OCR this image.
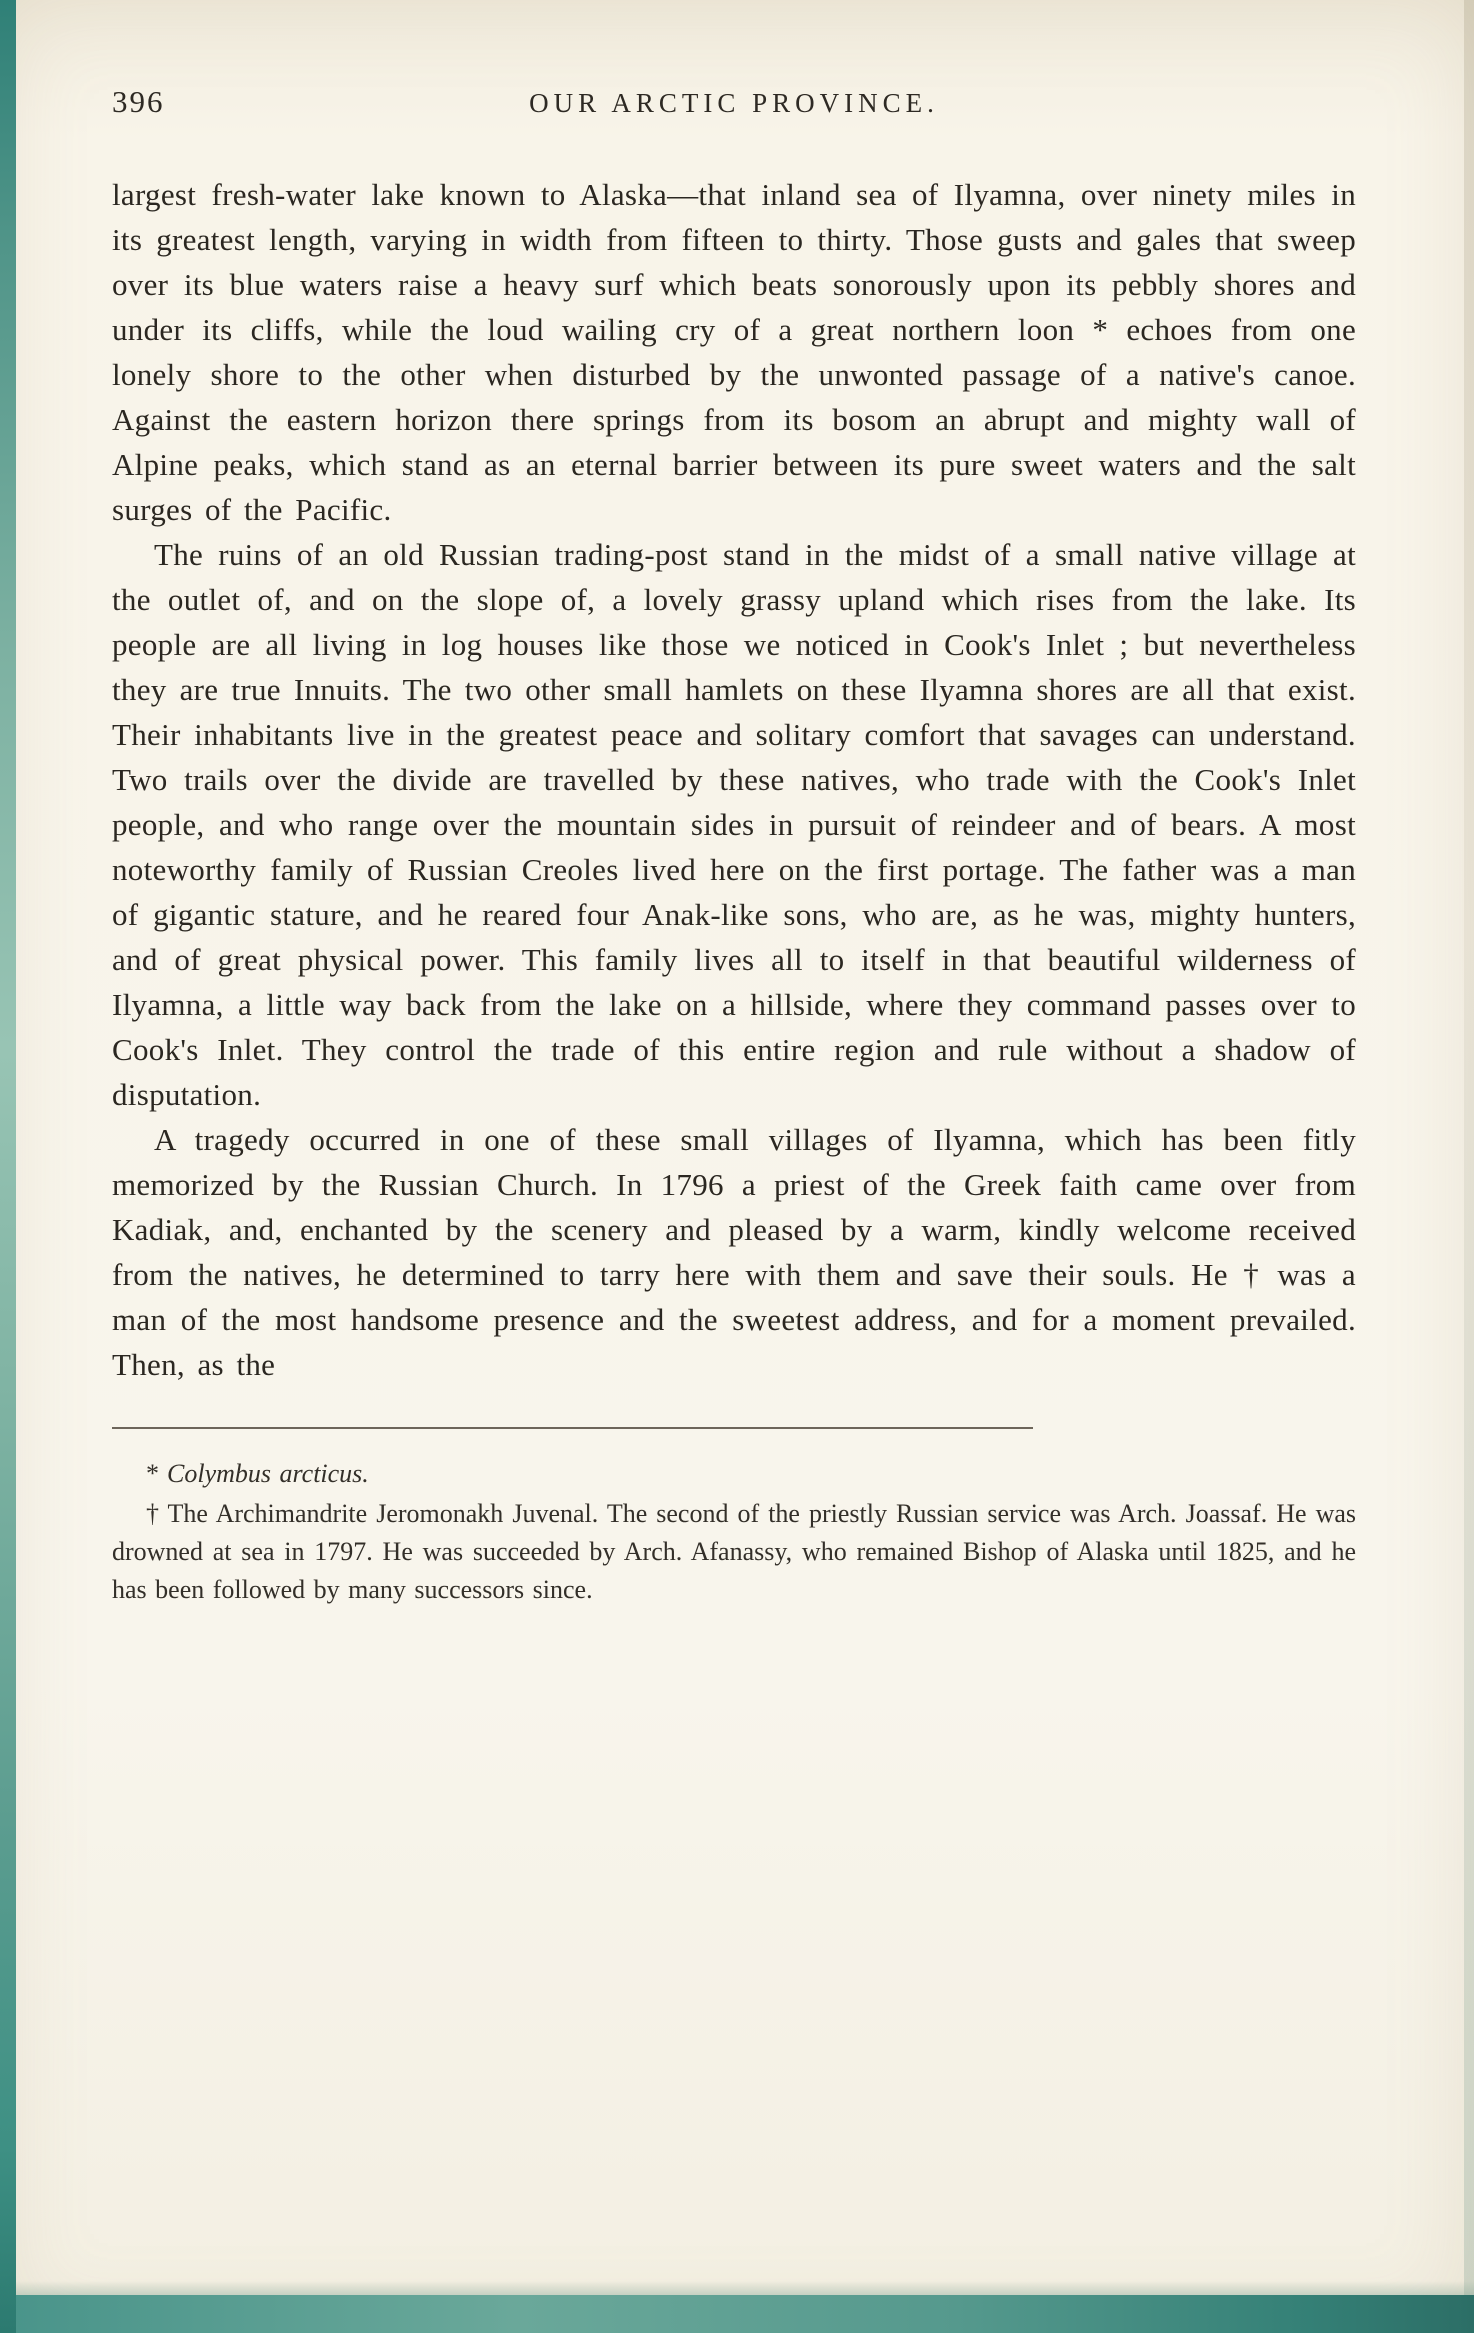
396	OUR ARCTIC PROVINCE.

largest fresh-water lake known to Alaska—that inland sea of Ilyamna, over ninety miles in its greatest length, varying in width from fifteen to thirty. Those gusts and gales that sweep over its blue waters raise a heavy surf which beats sonorously upon its pebbly shores and under its cliffs, while the loud wailing cry of a great northern loon * echoes from one lonely shore to the other when disturbed by the unwonted passage of a native's canoe. Against the eastern horizon there springs from its bosom an abrupt and mighty wall of Alpine peaks, which stand as an eternal barrier between its pure sweet waters and the salt surges of the Pacific.

The ruins of an old Russian trading-post stand in the midst of a small native village at the outlet of, and on the slope of, a lovely grassy upland which rises from the lake. Its people are all living in log houses like those we noticed in Cook's Inlet ; but nevertheless they are true Innuits. The two other small hamlets on these Ilyamna shores are all that exist. Their inhabitants live in the greatest peace and solitary comfort that savages can understand. Two trails over the divide are travelled by these natives, who trade with the Cook's Inlet people, and who range over the mountain sides in pursuit of reindeer and of bears. A most noteworthy family of Russian Creoles lived here on the first portage. The father was a man of gigantic stature, and he reared four Anak-like sons, who are, as he was, mighty hunters, and of great physical power. This family lives all to itself in that beautiful wilderness of Ilyamna, a little way back from the lake on a hillside, where they command passes over to Cook's Inlet. They control the trade of this entire region and rule without a shadow of disputation.

A tragedy occurred in one of these small villages of Ilyamna, which has been fitly memorized by the Russian Church. In 1796 a priest of the Greek faith came over from Kadiak, and, enchanted by the scenery and pleased by a warm, kindly welcome received from the natives, he determined to tarry here with them and save their souls. He † was a man of the most handsome presence and the sweetest address, and for a moment prevailed. Then, as the

* Colymbus arcticus.

† The Archimandrite Jeromonakh Juvenal. The second of the priestly Russian service was Arch. Joassaf. He was drowned at sea in 1797. He was succeeded by Arch. Afanassy, who remained Bishop of Alaska until 1825, and he has been followed by many successors since.
